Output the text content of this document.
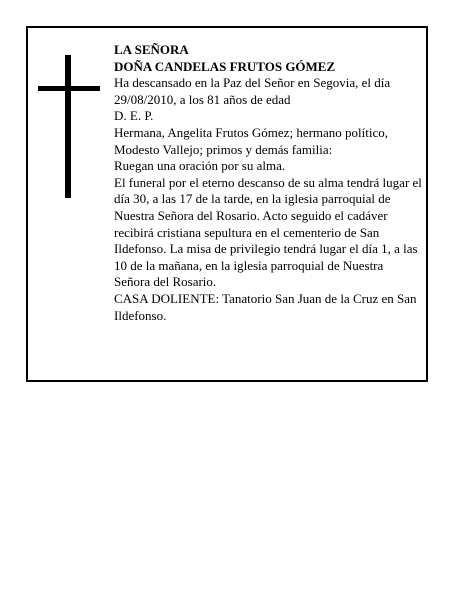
LA SEÑORA

DOÑA CANDELAS FRUTOS GÓMEZ

Ha descansado en la Paz del Señor en Segovia, el día 29/08/2010, a los 81 años de edad

D. E. P.

Hermana, Angelita Frutos Gómez; hermano político, Modesto Vallejo; primos y demás familia:

Ruegan una oración por su alma.

El funeral por el eterno descanso de su alma tendrá lugar el día 30, a las 17 de la tarde, en la iglesia parroquial de Nuestra Señora del Rosario. Acto seguido el cadáver recibirá cristiana sepultura en el cementerio de San Ildefonso. La misa de privilegio tendrá lugar el día 1, a las 10 de la mañana, en la iglesia parroquial de Nuestra Señora del Rosario.

CASA DOLIENTE: Tanatorio San Juan de la Cruz en San Ildefonso.
